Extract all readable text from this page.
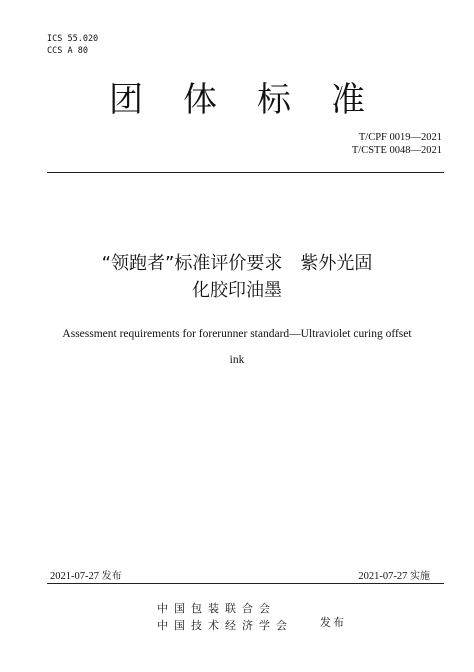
ICS 55.020
CCS A 80
团体标准
T/CPF 0019—2021
T/CSTE 0048—2021
“领跑者”标准评价要求　紫外光固
化胶印油墨
Assessment requirements for forerunner standard—Ultraviolet curing offset
ink
2021-07-27 发布	2021-07-27 实施
中国包装联合会
中国技术经济学会 发布
